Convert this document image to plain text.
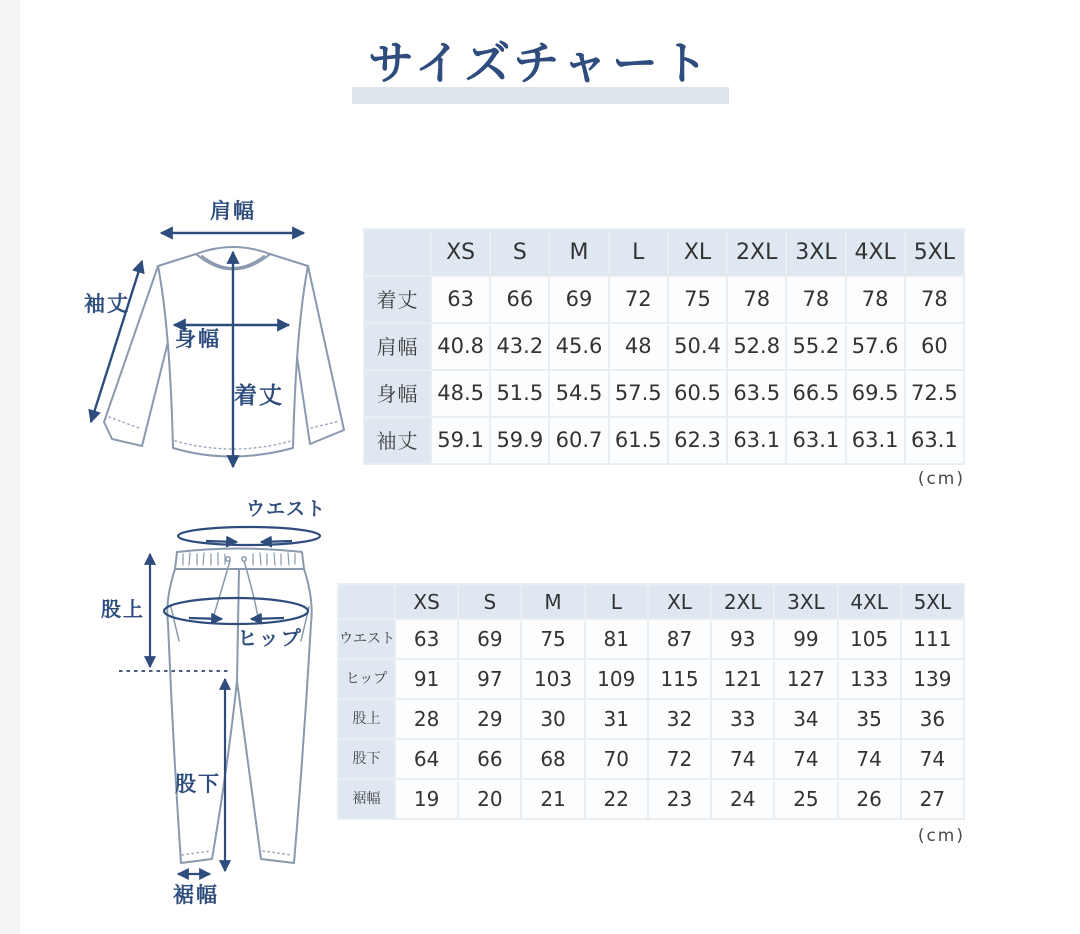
サイズチャート
肩幅
袖丈
身幅
着丈
ウエスト
股上
ヒップ
股下
裾幅
	XS	S	M	L	XL	2XL	3XL	4XL	5XL
着丈	63	66	69	72	75	78	78	78	78
肩幅	40.8	43.2	45.6	48	50.4	52.8	55.2	57.6	60
身幅	48.5	51.5	54.5	57.5	60.5	63.5	66.5	69.5	72.5
袖丈	59.1	59.9	60.7	61.5	62.3	63.1	63.1	63.1	63.1
(cm)
	XS	S	M	L	XL	2XL	3XL	4XL	5XL
ウエスト	63	69	75	81	87	93	99	105	111
ヒップ	91	97	103	109	115	121	127	133	139
股上	28	29	30	31	32	33	34	35	36
股下	64	66	68	70	72	74	74	74	74
裾幅	19	20	21	22	23	24	25	26	27
(cm)
